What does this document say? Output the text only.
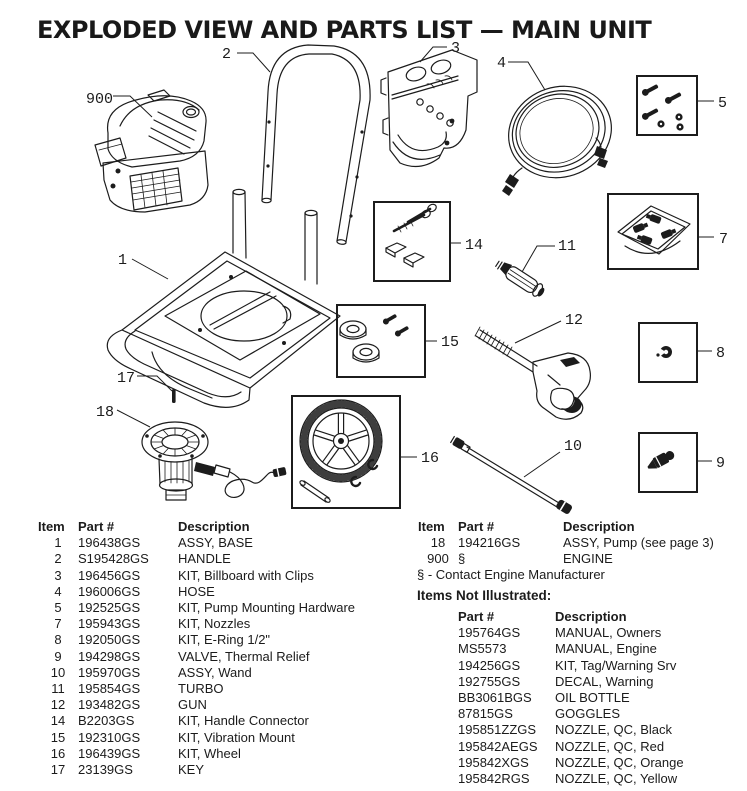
EXPLODED VIEW AND PARTS LIST — MAIN UNIT
900
2	3
4
5
1
14	11	7
15
12
8
17
18
16
10
9
Item	Part #	Description
1	196438GS	ASSY, BASE
2	S195428GS	HANDLE
3	196456GS	KIT, Billboard with Clips
4	196006GS	HOSE
5	192525GS	KIT, Pump Mounting Hardware
7	195943GS	KIT, Nozzles
8	192050GS	KIT, E-Ring 1/2"
9	194298GS	VALVE, Thermal Relief
10 195970GS	ASSY, Wand
11	195854GS	TURBO
12 193482GS	GUN
14 B2203GS	KIT, Handle Connector
15 192310GS	KIT, Vibration Mount
16 196439GS	KIT, Wheel
17 23139GS	KEY
Item	Part #	Description
18 194216GS	ASSY, Pump (see page 3)
900 §	ENGINE
§ - Contact Engine Manufacturer
Items Not Illustrated:
Part #	Description
195764GS	MANUAL, Owners
MS5573	MANUAL, Engine
194256GS	KIT, Tag/Warning Srv
192755GS	DECAL, Warning
BB3061BGS	OIL BOTTLE
87815GS	GOGGLES
195851ZZGS	NOZZLE, QC, Black
195842AEGS	NOZZLE, QC, Red
195842XGS	NOZZLE, QC, Orange
195842RGS	NOZZLE, QC, Yellow
